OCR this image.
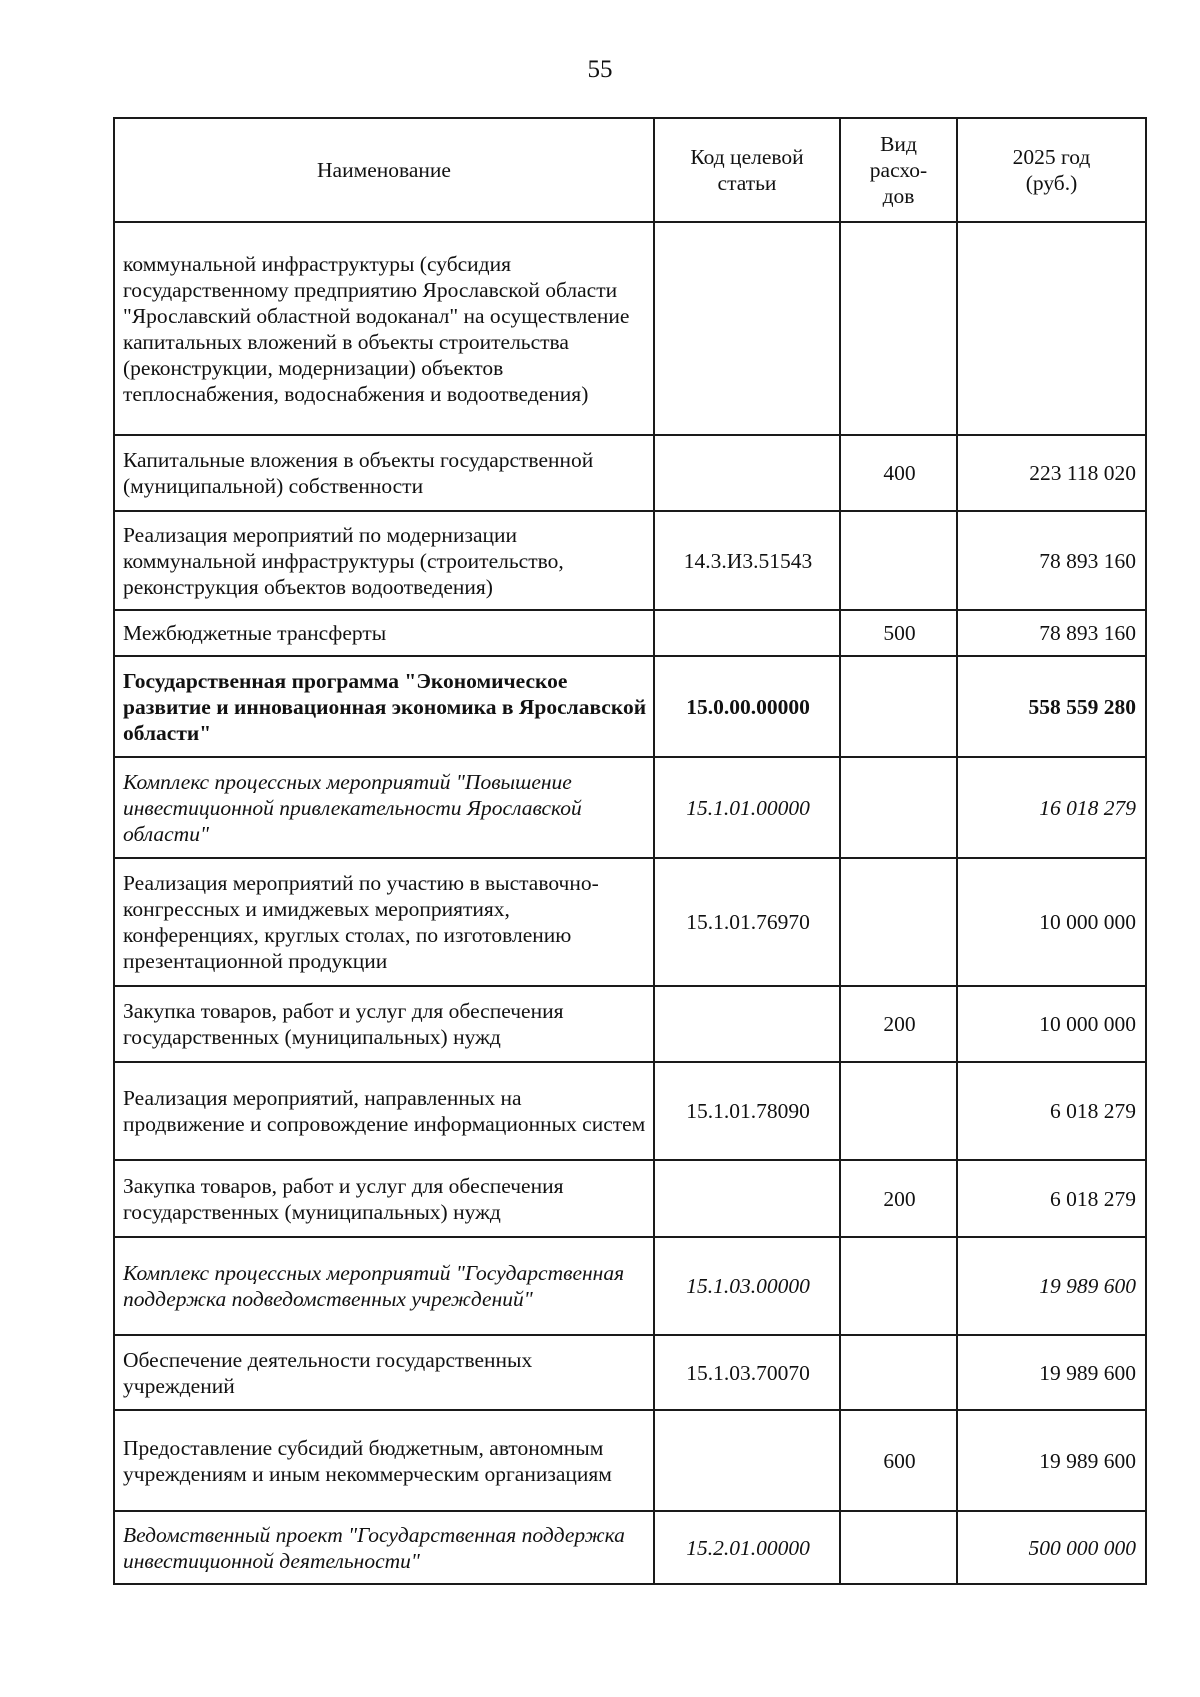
55
Наименование	Код целевой статьи	Вид расхо-дов	2025 год (руб.)
коммунальной инфраструктуры (субсидия государственному предприятию Ярославской области "Ярославский областной водоканал" на осуществление капитальных вложений в объекты строительства (реконструкции, модернизации) объектов теплоснабжения, водоснабжения и водоотведения)			
Капитальные вложения в объекты государственной (муниципальной) собственности		400	223 118 020
Реализация мероприятий по модернизации коммунальной инфраструктуры (строительство, реконструкция объектов водоотведения)	14.3.И3.51543		78 893 160
Межбюджетные трансферты		500	78 893 160
Государственная программа "Экономическое развитие и инновационная экономика в Ярославской области"	15.0.00.00000		558 559 280
Комплекс процессных мероприятий "Повышение инвестиционной привлекательности Ярославской области"	15.1.01.00000		16 018 279
Реализация мероприятий по участию в выставочно-конгрессных и имиджевых мероприятиях, конференциях, круглых столах, по изготовлению презентационной продукции	15.1.01.76970		10 000 000
Закупка товаров, работ и услуг для обеспечения государственных (муниципальных) нужд		200	10 000 000
Реализация мероприятий, направленных на продвижение и сопровождение информационных систем	15.1.01.78090		6 018 279
Закупка товаров, работ и услуг для обеспечения государственных (муниципальных) нужд		200	6 018 279
Комплекс процессных мероприятий "Государственная поддержка подведомственных учреждений"	15.1.03.00000		19 989 600
Обеспечение деятельности государственных учреждений	15.1.03.70070		19 989 600
Предоставление субсидий бюджетным, автономным учреждениям и иным некоммерческим организациям		600	19 989 600
Ведомственный проект "Государственная поддержка инвестиционной деятельности"	15.2.01.00000		500 000 000
